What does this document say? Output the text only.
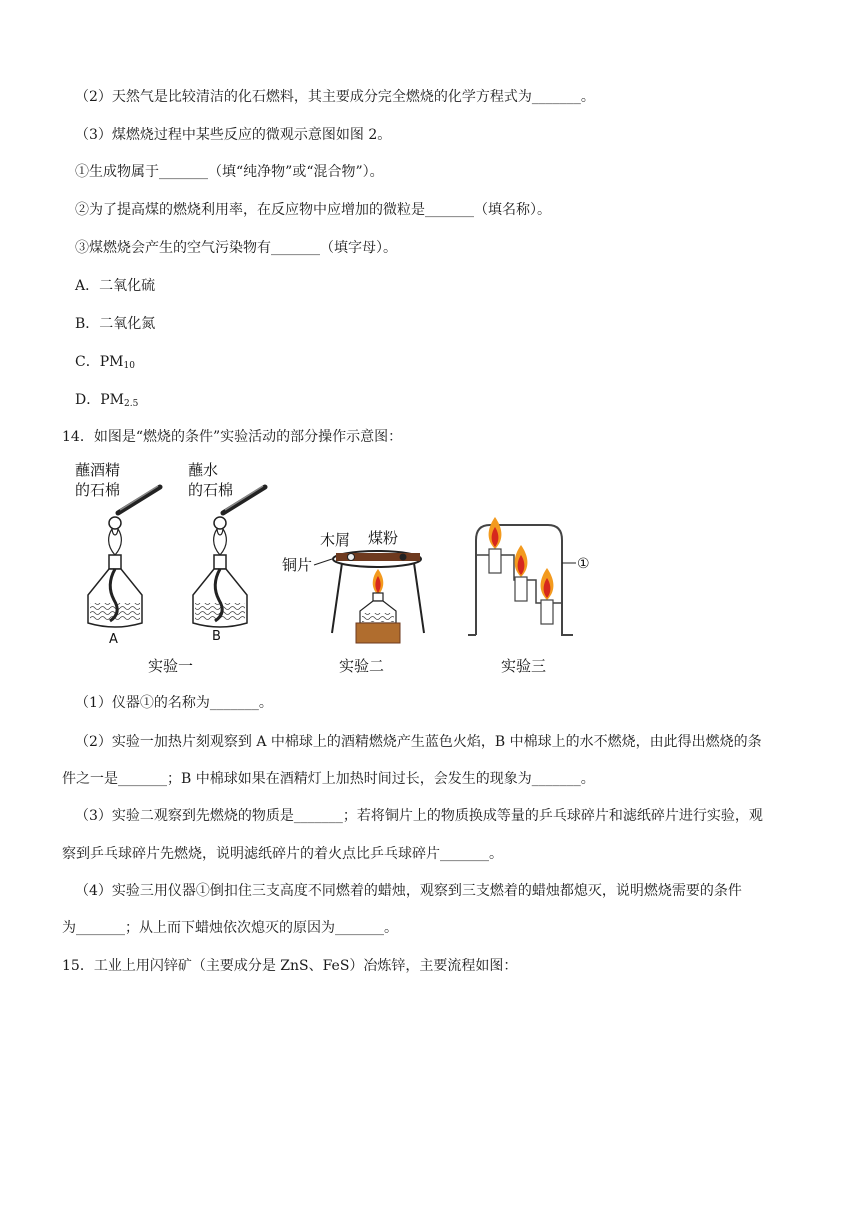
（2）天然气是比较清洁的化石燃料，其主要成分完全燃烧的化学方程式为_______。
（3）煤燃烧过程中某些反应的微观示意图如图 2。
①生成物属于_______（填“纯净物”或“混合物”）。
②为了提高煤的燃烧利用率，在反应物中应增加的微粒是_______（填名称）。
③煤燃烧会产生的空气污染物有_______（填字母）。
A．二氧化硫
B．二氧化氮
C．$PM_{10}$
D．$PM_{2.5}$
14．如图是“燃烧的条件”实验活动的部分操作示意图：
蘸酒精
的石棉
A
蘸水
的石棉
B
实验一
木屑 煤粉
铜片
实验二
①
实验三
（1）仪器①的名称为_______。
（2）实验一加热片刻观察到 A 中棉球上的酒精燃烧产生蓝色火焰，B 中棉球上的水不燃烧，由此得出燃烧的条
件之一是_______；B 中棉球如果在酒精灯上加热时间过长，会发生的现象为_______。
（3）实验二观察到先燃烧的物质是_______；若将铜片上的物质换成等量的乒乓球碎片和滤纸碎片进行实验，观
察到乒乓球碎片先燃烧，说明滤纸碎片的着火点比乒乓球碎片_______。
（4）实验三用仪器①倒扣住三支高度不同燃着的蜡烛，观察到三支燃着的蜡烛都熄灭，说明燃烧需要的条件
为_______；从上而下蜡烛依次熄灭的原因为_______。
15．工业上用闪锌矿（主要成分是 ZnS、FeS）冶炼锌，主要流程如图：
